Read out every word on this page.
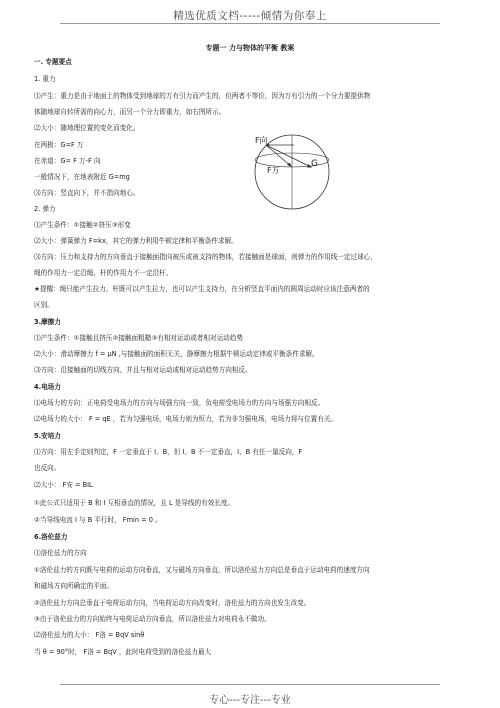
精选优质文档-----倾情为你奉上
专题一 力与物体的平衡 教案
一. 专题要点
1. 重力
⑴产生：重力是由于地面上的物体受到地球的万有引力而产生的，但两者不等价，因为万有引力的一个分力要提供物
体随地球自转所需的向心力，而另一个分力即重力，如右图所示。
⑵大小：随地理位置的变化而变化。
在两极：G=F 万
在赤道：G= F 万-F 向
一般情况下，在地表附近 G=mg
⑶方向：竖直向下，并不指向地心。
2. 弹力
⑴产生条件：①接触②挤压③形变
⑵大小：弹簧弹力 F=kx，其它的弹力利用牛顿定律和平衡条件求解。
⑶方向：压力和支持力的方向垂直于接触面指向被压或被支持的物体，若接触面是球面，则弹力的作用线一定过球心，
绳的作用力一定沿绳，杆的作用力不一定沿杆。
★提醒：绳只能产生拉力，杆既可以产生拉力，也可以产生支持力，在分析竖直平面内的圆周运动时应该注意两者的
区别。
3.摩擦力
⑴产生条件：①接触且挤压②接触面粗糙③有相对运动或者相对运动趋势
⑵大小：滑动摩擦力 f = μN ,与接触面的面积无关，静摩擦力根据牛顿运动定律或平衡条件求解。
⑶方向：沿接触面的切线方向，并且与相对运动或相对运动趋势方向相反。
4.电场力
⑴电场力的方向：正电荷受电场力的方向与场强方向一致，负电荷受电场力的方向与场强方向相反。
⑵电场力的大小： F = qE ，若为匀强电场，电场力则为恒力，若为非匀强电场，电场力将与位置有关。
5.安培力
⑴方向：用左手定则判定，F 一定垂直于 I、B，但 I、B 不一定垂直，I、B 有任一量反向，F
也反向。
⑵大小： F安 = BIL
①此公式只适用于 B 和 I 互相垂直的情况，且 L 是导线的有效长度。
②当导线电流 I 与 B 平行时， Fmin = 0 。
6.洛伦兹力
⑴洛伦兹力的方向
①洛伦兹力的方向既与电荷的运动方向垂直，又与磁场方向垂直，所以洛伦兹力方向总是垂直于运动电荷的速度方向
和磁场方向所确定的平面。
②洛伦兹力方向总垂直于电荷运动方向，当电荷运动方向改变时，洛伦兹力的方向也发生改变。
③由于洛伦兹力的方向始终与电荷运动方向垂直，所以洛伦兹力对电荷永不做功。
⑵洛伦兹力的大小： F洛 = BqV sinθ
当 θ = 90°时， F洛 = BqV ，此时电荷受到的洛伦兹力最大
F向
F万
G
专心---专注---专业
